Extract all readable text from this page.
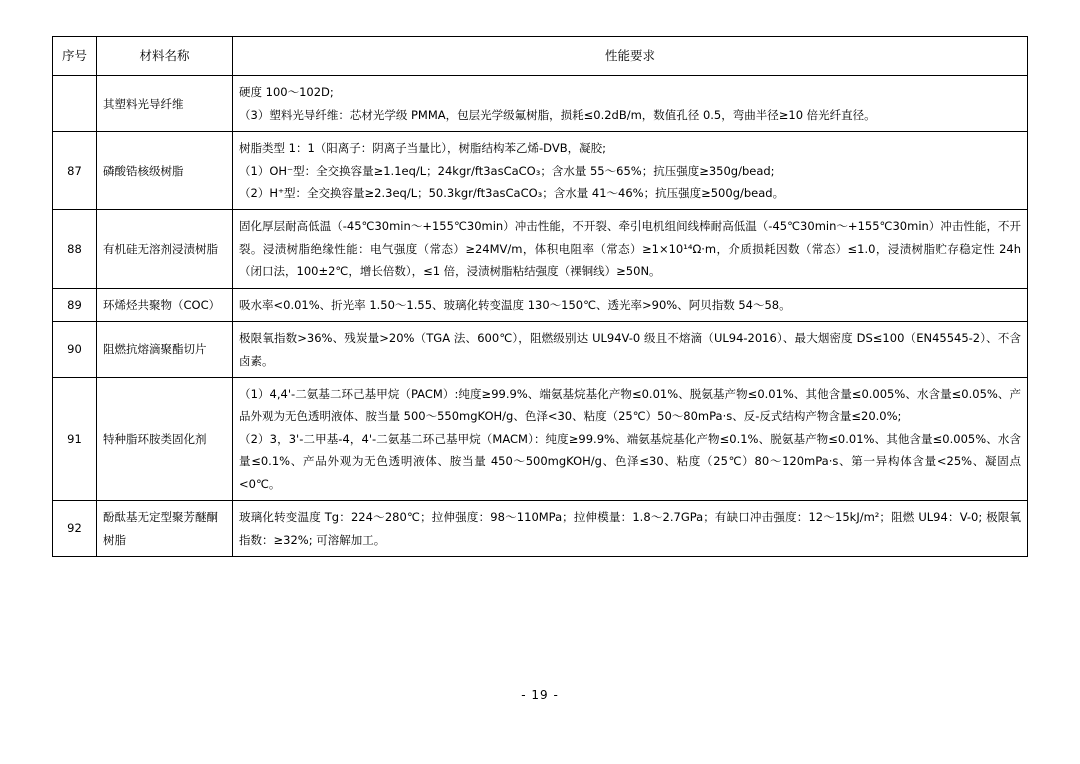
序号	材料名称	性能要求
	其塑料光导纤维	硬度 100～102D;

（3）塑料光导纤维：芯材光学级 PMMA，包层光学级氟树脂，损耗≤0.2dB/m，数值孔径 0.5，弯曲半径≥10 倍光纤直径。

87	磷酸锆核级树脂	树脂类型 1：1（阳离子：阴离子当量比），树脂结构苯乙烯-DVB，凝胶;

（1）OH⁻型：全交换容量≥1.1eq/L；24kgr/ft3asCaCO₃；含水量 55～65%；抗压强度≥350g/bead;

（2）H⁺型：全交换容量≥2.3eq/L；50.3kgr/ft3asCaCO₃；含水量 41～46%；抗压强度≥500g/bead。

88	有机硅无溶剂浸渍树脂	固化厚层耐高低温（-45℃30min～+155℃30min）冲击性能，不开裂、牵引电机组间线棒耐高低温（-45℃30min～+155℃30min）冲击性能，不开裂。浸渍树脂绝缘性能：电气强度（常态）≥24MV/m，体积电阻率（常态）≥1×10¹⁴Ω·m，介质损耗因数（常态）≤1.0，浸渍树脂贮存稳定性 24h（闭口法，100±2℃，增长倍数），≤1 倍，浸渍树脂粘结强度（裸铜线）≥50N。

89	环烯烃共聚物（COC）	吸水率<0.01%、折光率 1.50～1.55、玻璃化转变温度 130～150℃、透光率>90%、阿贝指数 54～58。

90	阻燃抗熔滴聚酯切片	极限氧指数>36%、残炭量>20%（TGA 法、600℃），阻燃级别达 UL94V-0 级且不熔滴（UL94-2016）、最大烟密度 DS≤100（EN45545-2）、不含卤素。

91	特种脂环胺类固化剂	（1）4,4'-二氨基二环己基甲烷（PACM）:纯度≥99.9%、端氨基烷基化产物≤0.01%、脱氨基产物≤0.01%、其他含量≤0.005%、水含量≤0.05%、产品外观为无色透明液体、胺当量 500～550mgKOH/g、色泽<30、粘度（25℃）50～80mPa·s、反-反式结构产物含量≤20.0%;

（2）3，3'-二甲基-4，4'-二氨基二环己基甲烷（MACM）：纯度≥99.9%、端氨基烷基化产物≤0.1%、脱氨基产物≤0.01%、其他含量≤0.005%、水含量≤0.1%、产品外观为无色透明液体、胺当量 450～500mgKOH/g、色泽≤30、粘度（25℃）80～120mPa·s、第一异构体含量<25%、凝固点<0℃。

92	酚酞基无定型聚芳醚酮树脂	玻璃化转变温度 Tg：224～280℃；拉伸强度：98～110MPa；拉伸模量：1.8～2.7GPa；有缺口冲击强度：12～15kJ/m²；阻燃 UL94：V-0; 极限氧指数：≥32%; 可溶解加工。

- 19 -
